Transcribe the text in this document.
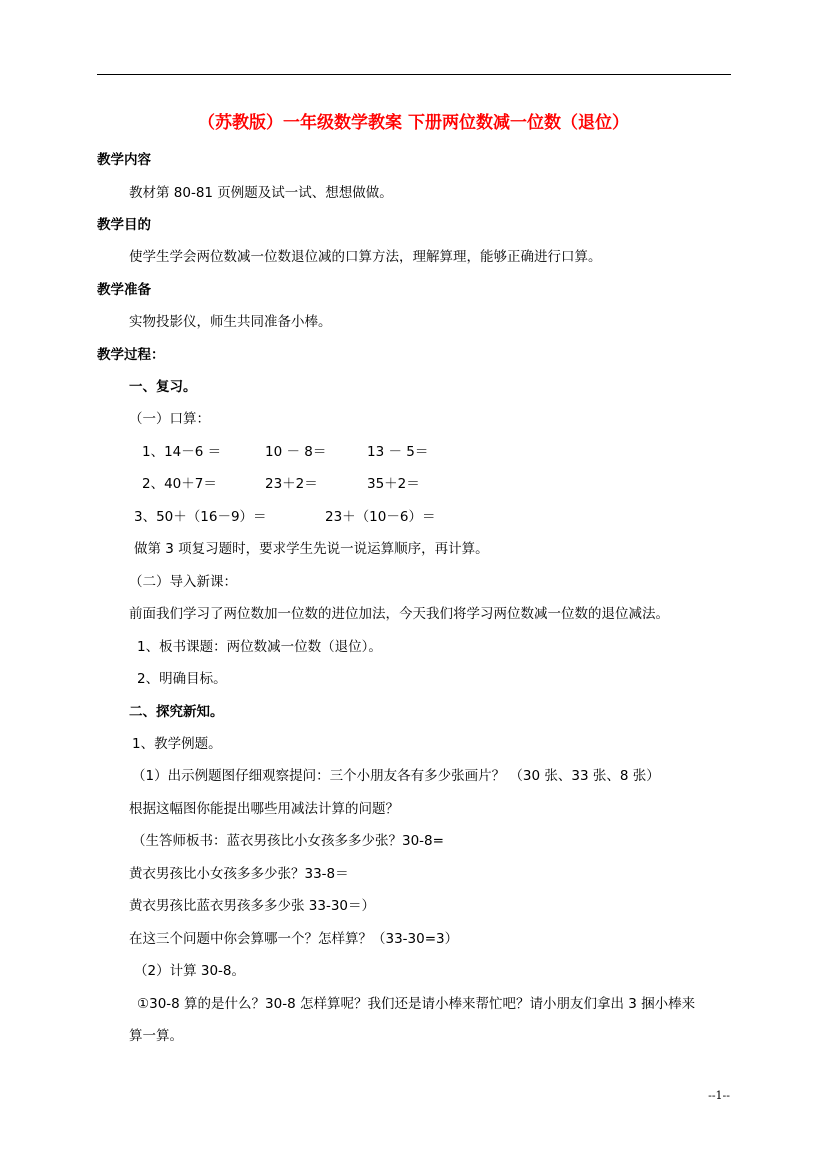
（苏教版）一年级数学教案 下册两位数减一位数（退位）
教学内容
教材第 80-81 页例题及试一试、想想做做。
教学目的
使学生学会两位数减一位数退位减的口算方法，理解算理，能够正确进行口算。
教学准备
实物投影仪，师生共同准备小棒。
教学过程：
一、复习。
（一）口算：
1、14－6 ＝	10 － 8＝	13 － 5＝
2、40＋7＝	23＋2＝	35＋2＝
3、50＋（16－9）＝	23＋（10－6）＝
做第 3 项复习题时，要求学生先说一说运算顺序，再计算。
（二）导入新课：
前面我们学习了两位数加一位数的进位加法，今天我们将学习两位数减一位数的退位减法。
1、板书课题：两位数减一位数（退位）。
2、明确目标。
二、探究新知。
1、教学例题。
（1）出示例题图仔细观察提问：三个小朋友各有多少张画片？ （30 张、33 张、8 张）
根据这幅图你能提出哪些用减法计算的问题？
（生答师板书：蓝衣男孩比小女孩多多少张？30-8=
黄衣男孩比小女孩多多少张？33-8＝
黄衣男孩比蓝衣男孩多多少张 33-30＝）
在这三个问题中你会算哪一个？怎样算？（33-30=3）
（2）计算 30-8。
①30-8 算的是什么？30-8 怎样算呢？我们还是请小棒来帮忙吧？请小朋友们拿出 3 捆小棒来
算一算。
--1--
